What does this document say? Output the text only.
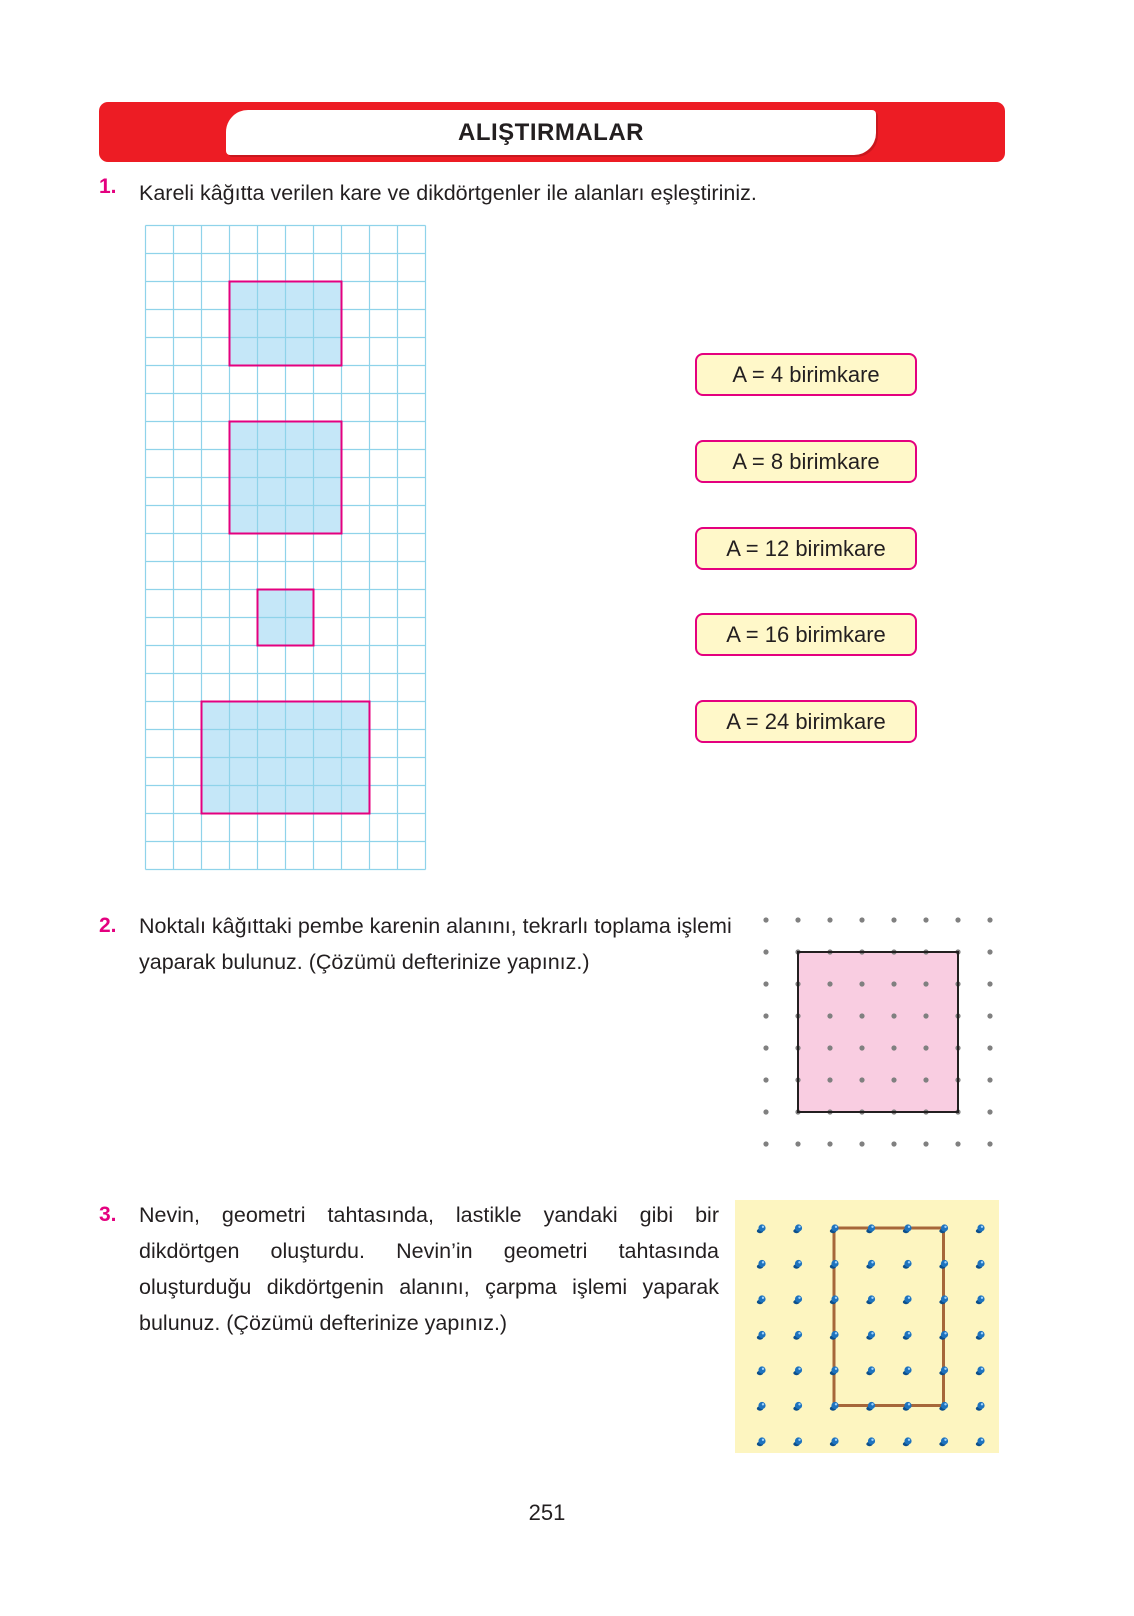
ALIŞTIRMALAR
1. Kareli kâğıtta verilen kare ve dikdörtgenler ile alanları eşleştiriniz.
A = 4 birimkare
A = 8 birimkare
A = 12 birimkare
A = 16 birimkare
A = 24 birimkare
2. Noktalı kâğıttaki pembe karenin alanını, tekrarlı toplama işlemi yaparak bulunuz. (Çözümü defterinize yapınız.)
3. Nevin, geometri tahtasında, lastikle yandaki gibi bir dikdörtgen oluşturdu. Nevin’in geometri tahtasında oluşturduğu dikdörtgenin alanını, çarpma işlemi yaparak bulunuz. (Çözümü defterinize yapınız.)
251
